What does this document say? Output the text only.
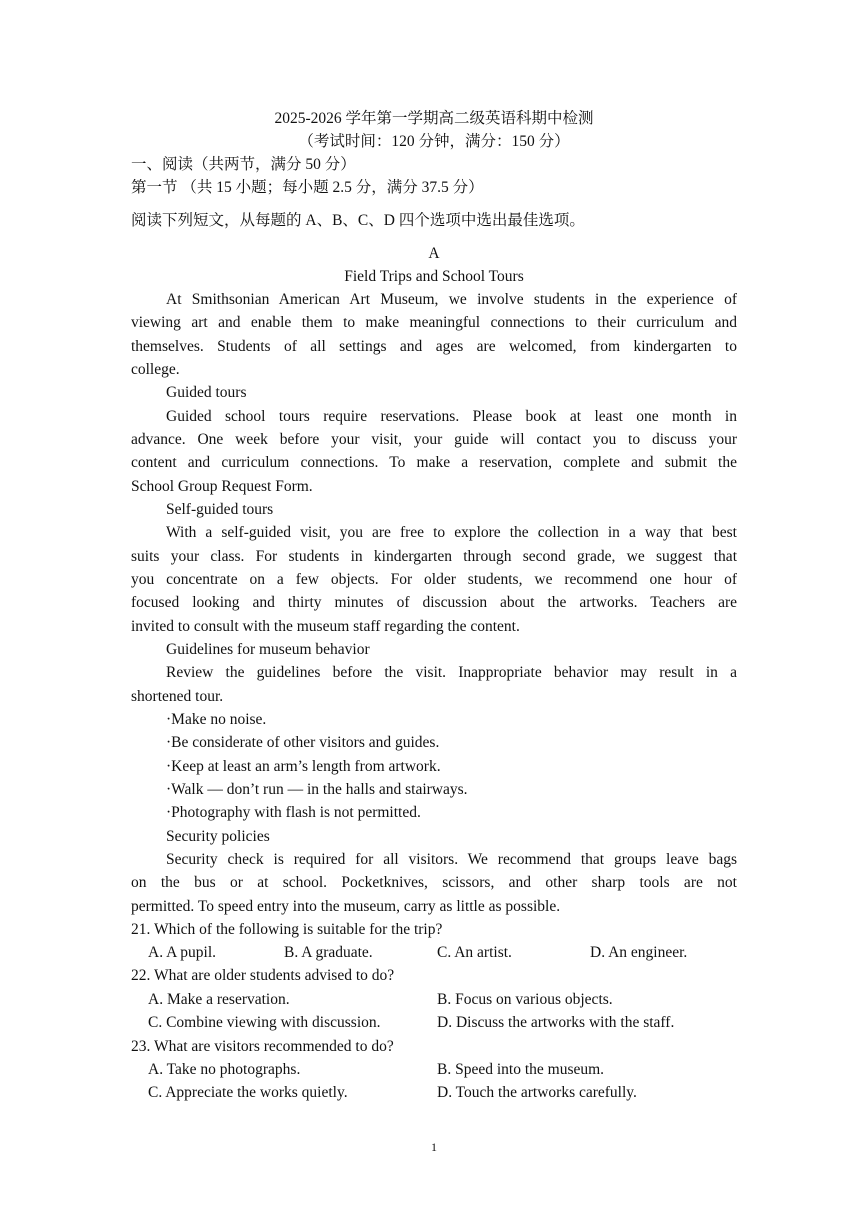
2025-2026 学年第一学期高二级英语科期中检测
（考试时间：120 分钟，满分：150 分）
一、阅读（共两节，满分 50 分）
第一节 （共 15 小题；每小题 2.5 分，满分 37.5 分）
阅读下列短文，从每题的 A、B、C、D 四个选项中选出最佳选项。
A
Field Trips and School Tours
At Smithsonian American Art Museum, we involve students in the experience of
viewing art and enable them to make meaningful connections to their curriculum and
themselves. Students of all settings and ages are welcomed, from kindergarten to
college.
Guided tours
Guided school tours require reservations. Please book at least one month in
advance. One week before your visit, your guide will contact you to discuss your
content and curriculum connections. To make a reservation, complete and submit the
School Group Request Form.
Self-guided tours
With a self-guided visit, you are free to explore the collection in a way that best
suits your class. For students in kindergarten through second grade, we suggest that
you concentrate on a few objects. For older students, we recommend one hour of
focused looking and thirty minutes of discussion about the artworks. Teachers are
invited to consult with the museum staff regarding the content.
Guidelines for museum behavior
Review the guidelines before the visit. Inappropriate behavior may result in a
shortened tour.
·Make no noise.
·Be considerate of other visitors and guides.
·Keep at least an arm’s length from artwork.
·Walk — don’t run — in the halls and stairways.
·Photography with flash is not permitted.
Security policies
Security check is required for all visitors. We recommend that groups leave bags
on the bus or at school. Pocketknives, scissors, and other sharp tools are not
permitted. To speed entry into the museum, carry as little as possible.
21. Which of the following is suitable for the trip?
A. A pupil.	B. A graduate.	C. An artist.	D. An engineer.
22. What are older students advised to do?
A. Make a reservation.	B. Focus on various objects.
C. Combine viewing with discussion.	D. Discuss the artworks with the staff.
23. What are visitors recommended to do?
A. Take no photographs.	B. Speed into the museum.
C. Appreciate the works quietly.	D. Touch the artworks carefully.
1
